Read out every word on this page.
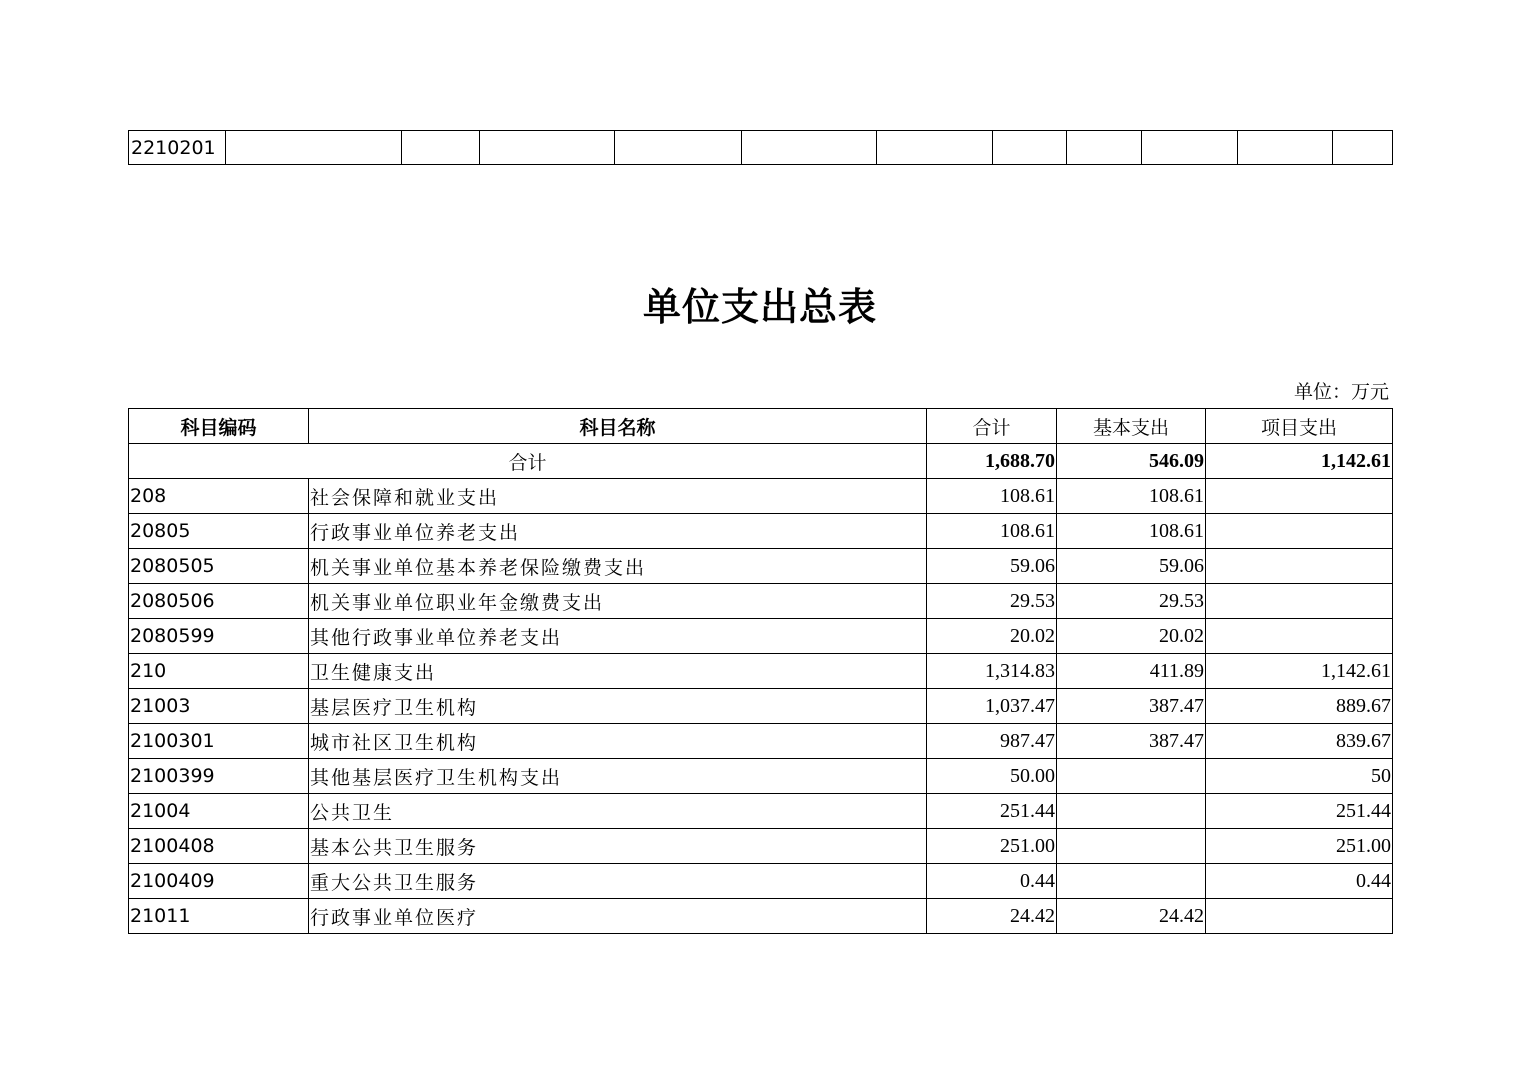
2210201											
单位支出总表
单位：万元
科目编码	科目名称	合计	基本支出	项目支出
合计		1,688.70	546.09	1,142.61
208	社会保障和就业支出	108.61	108.61	
20805	行政事业单位养老支出	108.61	108.61	
2080505	机关事业单位基本养老保险缴费支出	59.06	59.06	
2080506	机关事业单位职业年金缴费支出	29.53	29.53	
2080599	其他行政事业单位养老支出	20.02	20.02	
210	卫生健康支出	1,314.83	411.89	1,142.61
21003	基层医疗卫生机构	1,037.47	387.47	889.67
2100301	城市社区卫生机构	987.47	387.47	839.67
2100399	其他基层医疗卫生机构支出	50.00		50
21004	公共卫生	251.44		251.44
2100408	基本公共卫生服务	251.00		251.00
2100409	重大公共卫生服务	0.44		0.44
21011	行政事业单位医疗	24.42	24.42	
